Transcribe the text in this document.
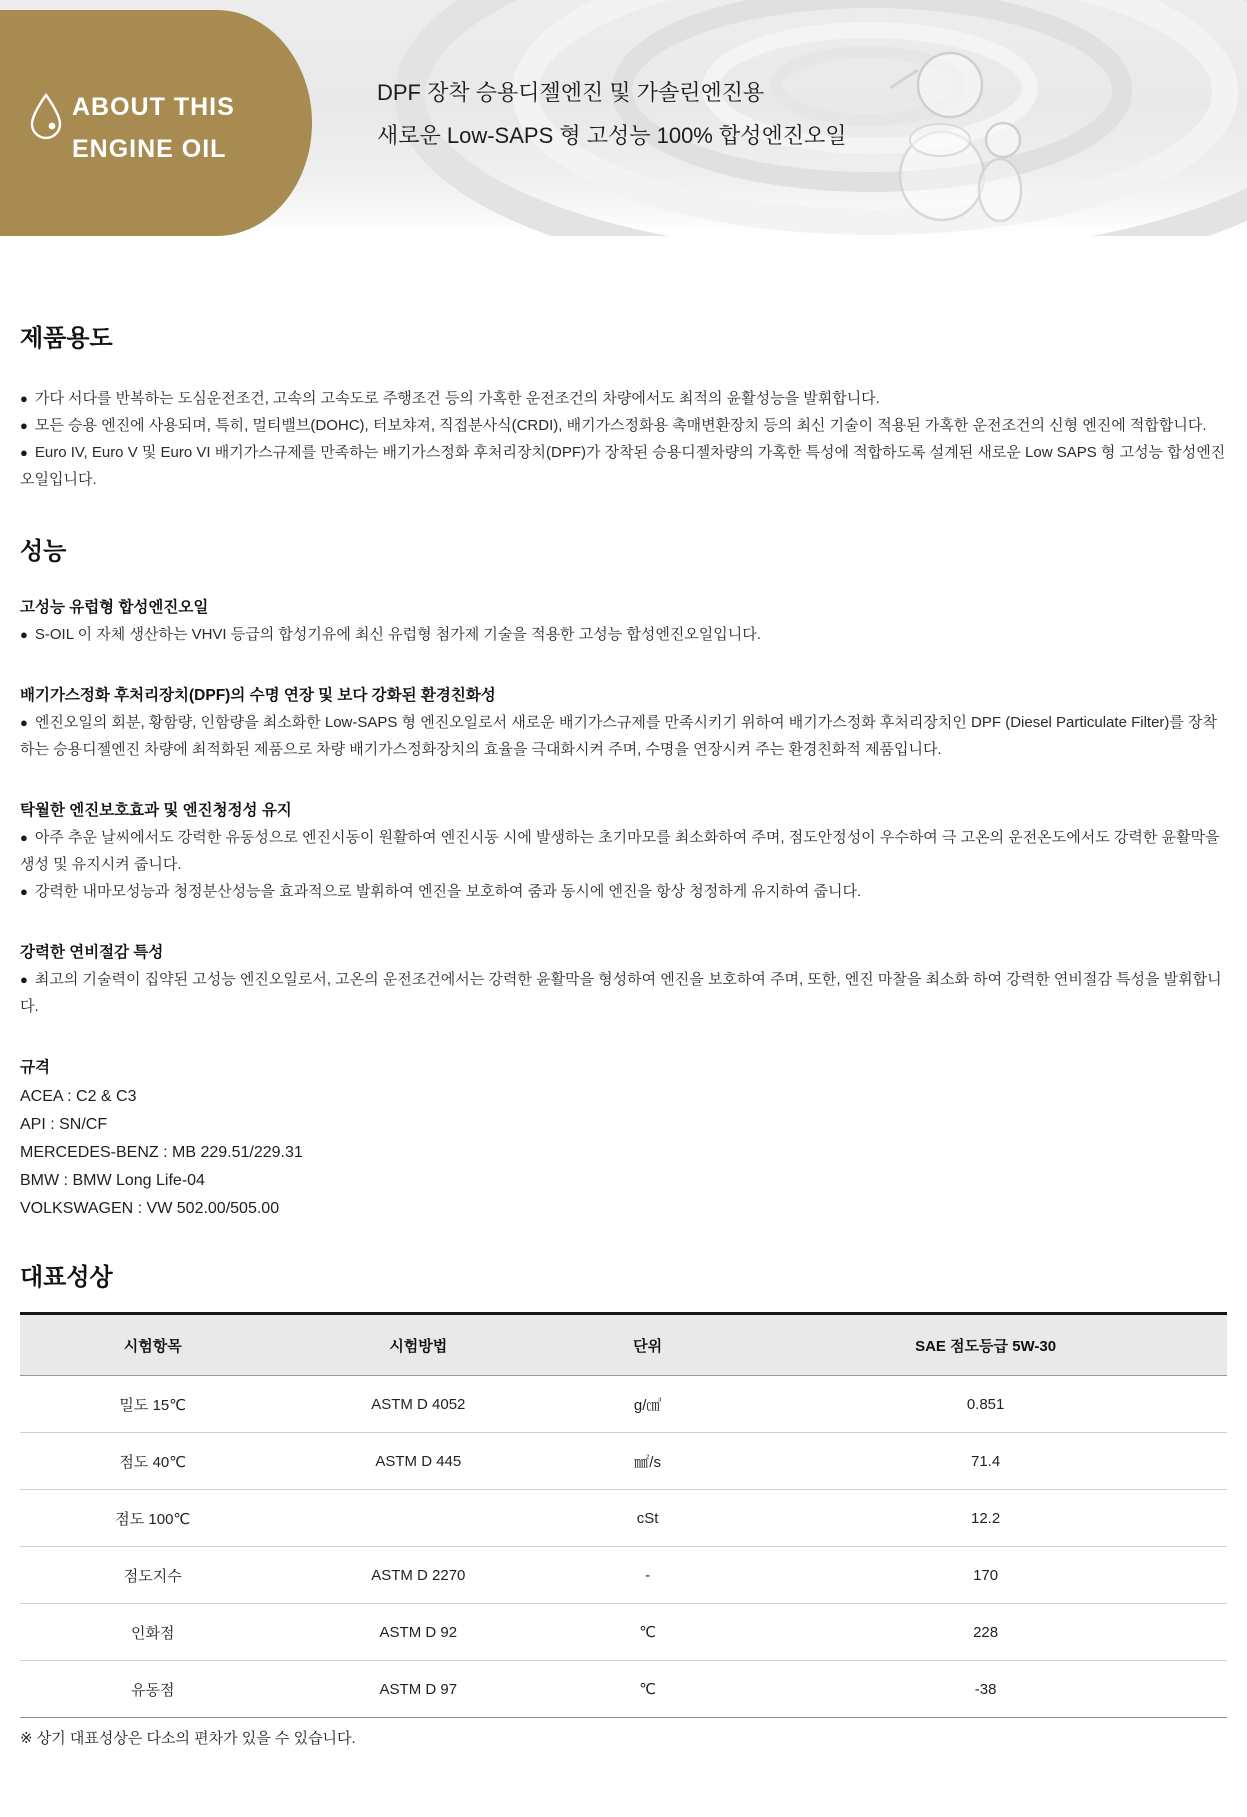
ABOUT THIS
ENGINE OIL
DPF 장착 승용디젤엔진 및 가솔린엔진용
새로운 Low-SAPS 형 고성능 100% 합성엔진오일
제품용도
● 가다 서다를 반복하는 도심운전조건, 고속의 고속도로 주행조건 등의 가혹한 운전조건의 차량에서도 최적의 윤활성능을 발휘합니다.
● 모든 승용 엔진에 사용되며, 특히, 멀티밸브(DOHC), 터보챠져, 직접분사식(CRDI), 배기가스정화용 촉매변환장치 등의 최신 기술이 적용된 가혹한 운전조건의 신형 엔진에 적합합니다.
● Euro IV, Euro V 및 Euro VI 배기가스규제를 만족하는 배기가스정화 후처리장치(DPF)가 장착된 승용디젤차량의 가혹한 특성에 적합하도록 설계된 새로운 Low SAPS 형 고성능 합성엔진오일입니다.
성능
고성능 유럽형 합성엔진오일
● S-OIL 이 자체 생산하는 VHVI 등급의 합성기유에 최신 유럽형 첨가제 기술을 적용한 고성능 합성엔진오일입니다.
배기가스정화 후처리장치(DPF)의 수명 연장 및 보다 강화된 환경친화성
● 엔진오일의 회분, 황함량, 인함량을 최소화한 Low-SAPS 형 엔진오일로서 새로운 배기가스규제를 만족시키기 위하여 배기가스정화 후처리장치인 DPF (Diesel Particulate Filter)를 장착하는 승용디젤엔진 차량에 최적화된 제품으로 차량 배기가스정화장치의 효율을 극대화시켜 주며, 수명을 연장시켜 주는 환경친화적 제품입니다.
탁월한 엔진보호효과 및 엔진청정성 유지
● 아주 추운 날씨에서도 강력한 유동성으로 엔진시동이 원활하여 엔진시동 시에 발생하는 초기마모를 최소화하여 주며, 점도안정성이 우수하여 극 고온의 운전온도에서도 강력한 윤활막을 생성 및 유지시켜 줍니다.
● 강력한 내마모성능과 청정분산성능을 효과적으로 발휘하여 엔진을 보호하여 줌과 동시에 엔진을 항상 청정하게 유지하여 줍니다.
강력한 연비절감 특성
● 최고의 기술력이 집약된 고성능 엔진오일로서, 고온의 운전조건에서는 강력한 윤활막을 형성하여 엔진을 보호하여 주며, 또한, 엔진 마찰을 최소화 하여 강력한 연비절감 특성을 발휘합니다.
규격
ACEA : C2 & C3
API : SN/CF
MERCEDES-BENZ : MB 229.51/229.31
BMW : BMW Long Life-04
VOLKSWAGEN : VW 502.00/505.00
대표성상
시험항목	시험방법	단위	SAE 점도등급 5W-30
밀도 15℃	ASTM D 4052	g/㎤	0.851
점도 40℃	ASTM D 445	㎟/s	71.4
점도 100℃		cSt	12.2
점도지수	ASTM D 2270	-	170
인화점	ASTM D 92	℃	228
유동점	ASTM D 97	℃	-38
※ 상기 대표성상은 다소의 편차가 있을 수 있습니다.
